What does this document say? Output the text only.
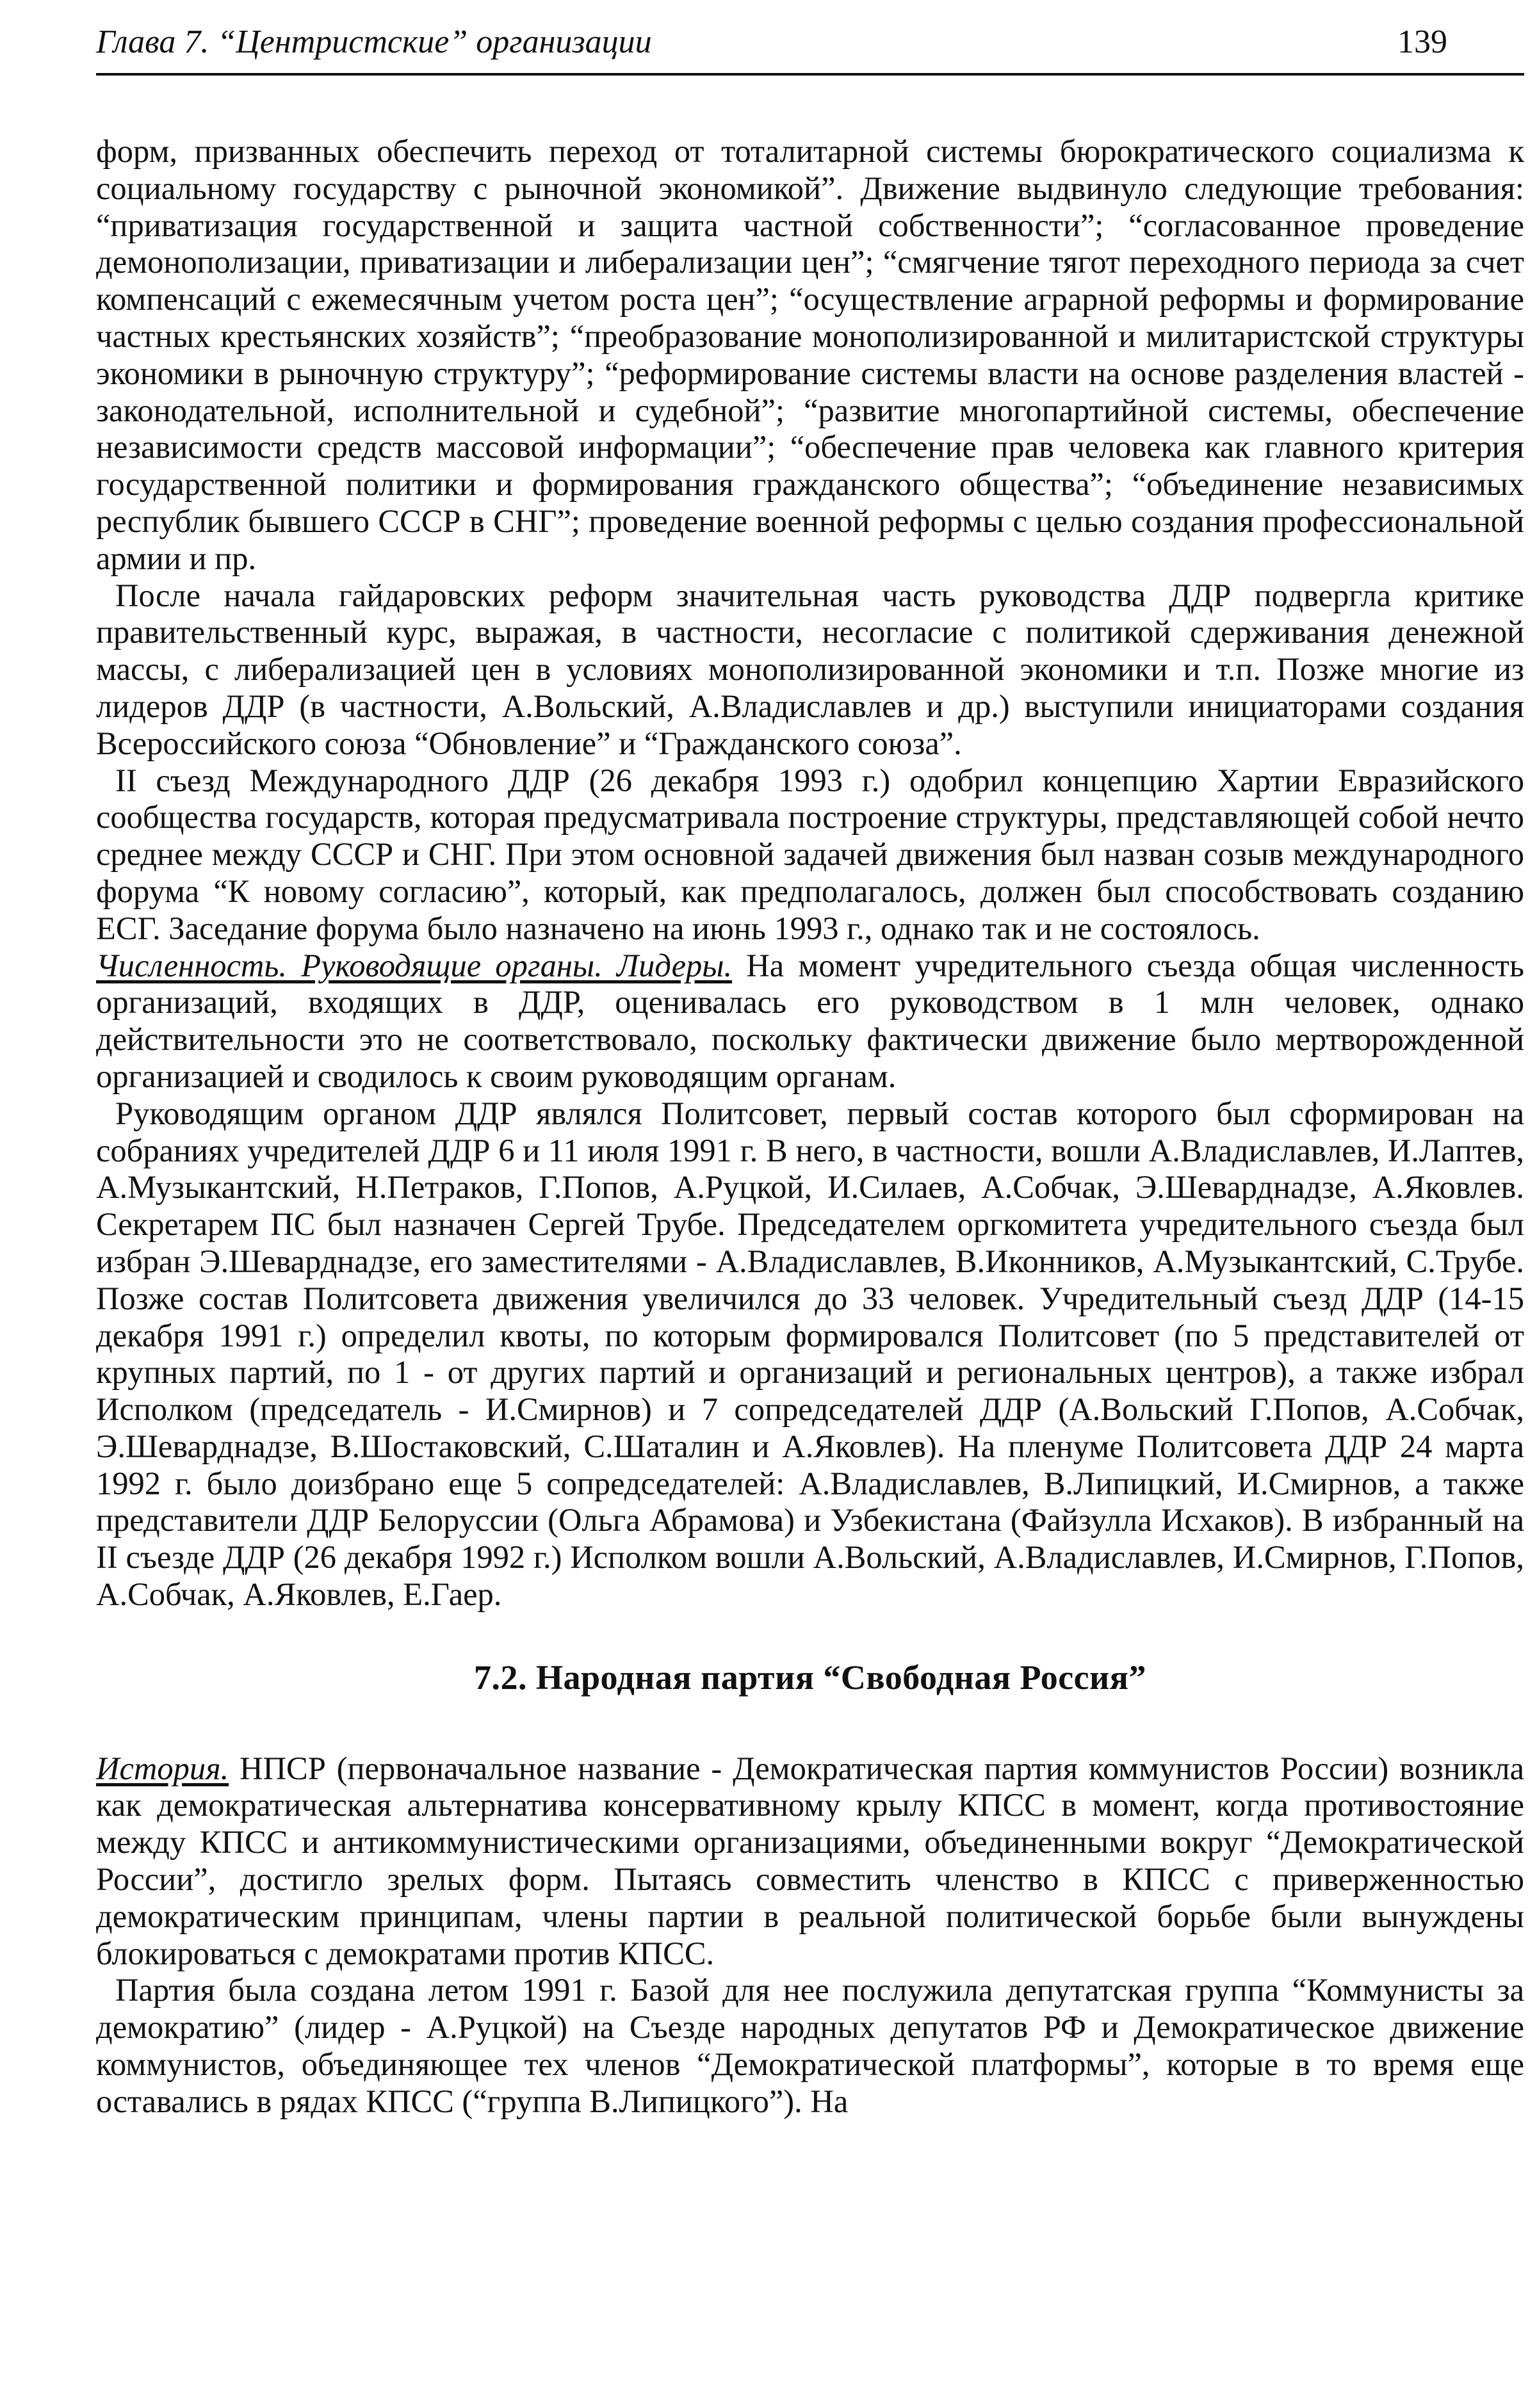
Глава 7. “Центристские” организации	139

форм, призванных обеспечить переход от тоталитарной системы бюрократического социализма к социальному государству с рыночной экономикой”. Движение выдвинуло следующие требования: “приватизация государственной и защита частной собственности”; “согласованное проведение демонополизации, приватизации и либерализации цен”; “смягчение тягот переходного периода за счет компенсаций с ежемесячным учетом роста цен”; “осуществление аграрной реформы и формирование частных крестьянских хозяйств”; “преобразование монополизированной и милитаристской структуры экономики в рыночную структуру”; “реформирование системы власти на основе разделения властей - законодательной, исполнительной и судебной”; “развитие многопартийной системы, обеспечение независимости средств массовой информации”; “обеспечение прав человека как главного критерия государственной политики и формирования гражданского общества”; “объединение независимых республик бывшего СССР в СНГ”; проведение военной реформы с целью создания профессиональной армии и пр.

После начала гайдаровских реформ значительная часть руководства ДДР подвергла критике правительственный курс, выражая, в частности, несогласие с политикой сдерживания денежной массы, с либерализацией цен в условиях монополизированной экономики и т.п. Позже многие из лидеров ДДР (в частности, А.Вольский, А.Владиславлев и др.) выступили инициаторами создания Всероссийского союза “Обновление” и “Гражданского союза”.

II съезд Международного ДДР (26 декабря 1993 г.) одобрил концепцию Хартии Евразийского сообщества государств, которая предусматривала построение структуры, представляющей собой нечто среднее между СССР и СНГ. При этом основной задачей движения был назван созыв международного форума “К новому согласию”, который, как предполагалось, должен был способствовать созданию ЕСГ. Заседание форума было назначено на июнь 1993 г., однако так и не состоялось.

Численность. Руководящие органы. Лидеры. На момент учредительного съезда общая численность организаций, входящих в ДДР, оценивалась его руководством в 1 млн человек, однако действительности это не соответствовало, поскольку фактически движение было мертворожденной организацией и сводилось к своим руководящим органам.

Руководящим органом ДДР являлся Политсовет, первый состав которого был сформирован на собраниях учредителей ДДР 6 и 11 июля 1991 г. В него, в частности, вошли А.Владиславлев, И.Лаптев, А.Музыкантский, Н.Петраков, Г.Попов, А.Руцкой, И.Силаев, А.Собчак, Э.Шеварднадзе, А.Яковлев. Секретарем ПС был назначен Сергей Трубе. Председателем оргкомитета учредительного съезда был избран Э.Шеварднадзе, его заместителями - А.Владиславлев, В.Иконников, А.Музыкантский, С.Трубе. Позже состав Политсовета движения увеличился до 33 человек. Учредительный съезд ДДР (14-15 декабря 1991 г.) определил квоты, по которым формировался Политсовет (по 5 представителей от крупных партий, по 1 - от других партий и организаций и региональных центров), а также избрал Исполком (председатель - И.Смирнов) и 7 сопредседателей ДДР (А.Вольский Г.Попов, А.Собчак, Э.Шеварднадзе, В.Шостаковский, С.Шаталин и А.Яковлев). На пленуме Политсовета ДДР 24 марта 1992 г. было доизбрано еще 5 сопредседателей: А.Владиславлев, В.Липицкий, И.Смирнов, а также представители ДДР Белоруссии (Ольга Абрамова) и Узбекистана (Файзулла Исхаков). В избранный на II съезде ДДР (26 декабря 1992 г.) Исполком вошли А.Вольский, А.Владиславлев, И.Смирнов, Г.Попов, А.Собчак, А.Яковлев, Е.Гаер.

7.2. Народная партия “Свободная Россия”

История. НПСР (первоначальное название - Демократическая партия коммунистов России) возникла как демократическая альтернатива консервативному крылу КПСС в момент, когда противостояние между КПСС и антикоммунистическими организациями, объединенными вокруг “Демократической России”, достигло зрелых форм. Пытаясь совместить членство в КПСС с приверженностью демократическим принципам, члены партии в реальной политической борьбе были вынуждены блокироваться с демократами против КПСС.

Партия была создана летом 1991 г. Базой для нее послужила депутатская группа “Коммунисты за демократию” (лидер - А.Руцкой) на Съезде народных депутатов РФ и Демократическое движение коммунистов, объединяющее тех членов “Демократической платформы”, которые в то время еще оставались в рядах КПСС (“группа В.Липицкого”). На
